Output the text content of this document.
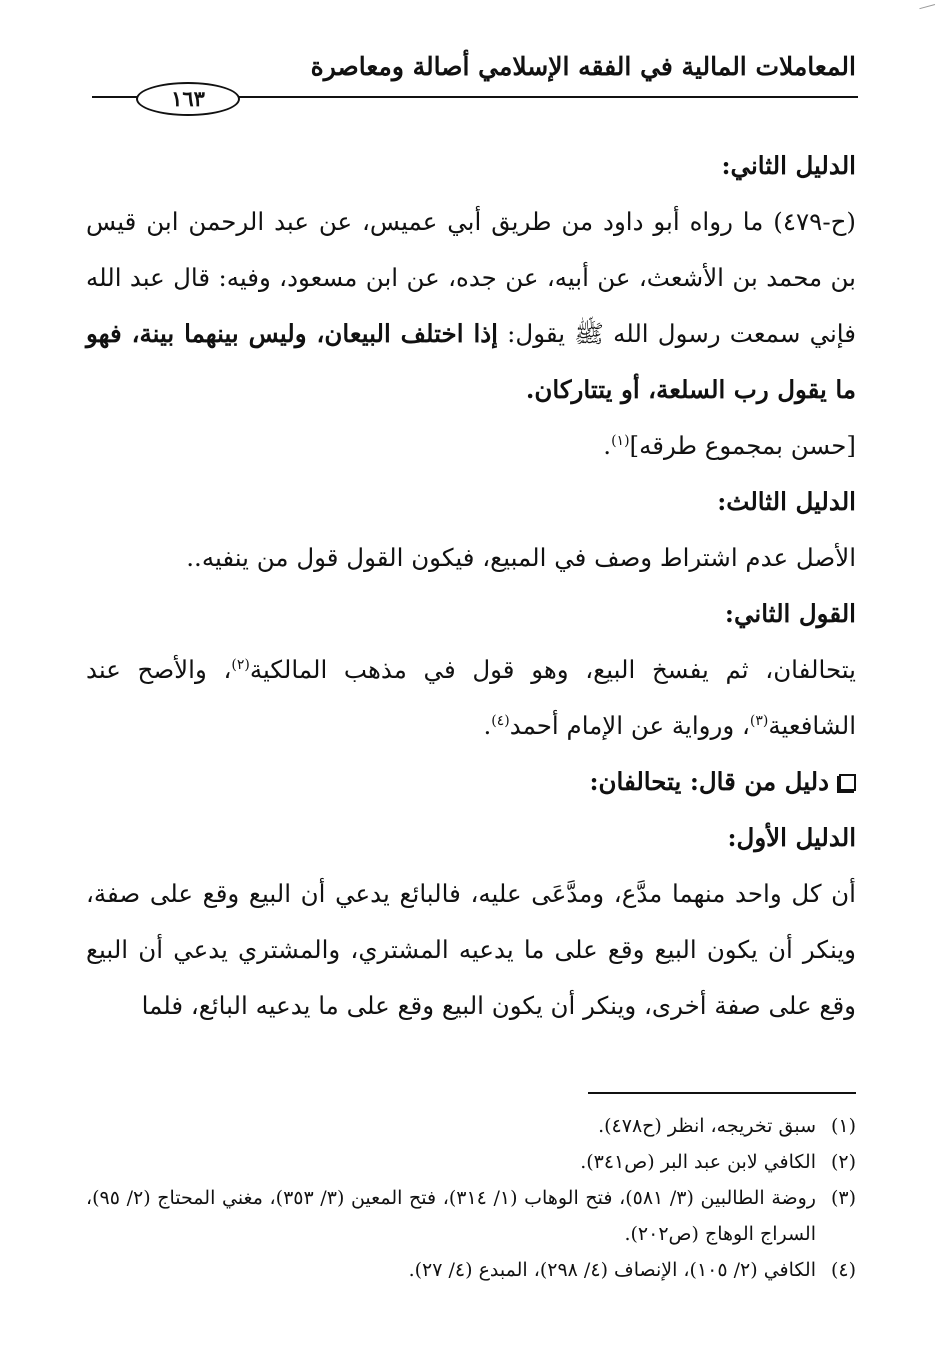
المعاملات المالية في الفقه الإسلامي أصالة ومعاصرة
١٦٣

الدليل الثاني:

(ح-٤٧٩) ما رواه أبو داود من طريق أبي عميس، عن عبد الرحمن ابن قيس بن محمد بن الأشعث، عن أبيه، عن جده، عن ابن مسعود، وفيه: قال عبد الله فإني سمعت رسول الله ﷺ يقول: إذا اختلف البيعان، وليس بينهما بينة، فهو ما يقول رب السلعة، أو يتتاركان.

[حسن بمجموع طرقه]$^{(١)}$.

الدليل الثالث:

الأصل عدم اشتراط وصف في المبيع، فيكون القول قول من ينفيه..

القول الثاني:

يتحالفان، ثم يفسخ البيع، وهو قول في مذهب المالكية$^{(٢)}$، والأصح عند الشافعية$^{(٣)}$، ورواية عن الإمام أحمد$^{(٤)}$.

دليل من قال: يتحالفان:

الدليل الأول:

أن كل واحد منهما مدَّع، ومدَّعَى عليه، فالبائع يدعي أن البيع وقع على صفة، وينكر أن يكون البيع وقع على ما يدعيه المشتري، والمشتري يدعي أن البيع وقع على صفة أخرى، وينكر أن يكون البيع وقع على ما يدعيه البائع، فلما

(١)
سبق تخريجه، انظر (ح٤٧٨).

(٢)
الكافي لابن عبد البر (ص٣٤١).

(٣)
روضة الطالبين (٣/ ٥٨١)، فتح الوهاب (١/ ٣١٤)، فتح المعين (٣/ ٣٥٣)، مغني المحتاج (٢/ ٩٥)، السراج الوهاج (ص٢٠٢).

(٤)
الكافي (٢/ ١٠٥)، الإنصاف (٤/ ٢٩٨)، المبدع (٤/ ٢٧).
